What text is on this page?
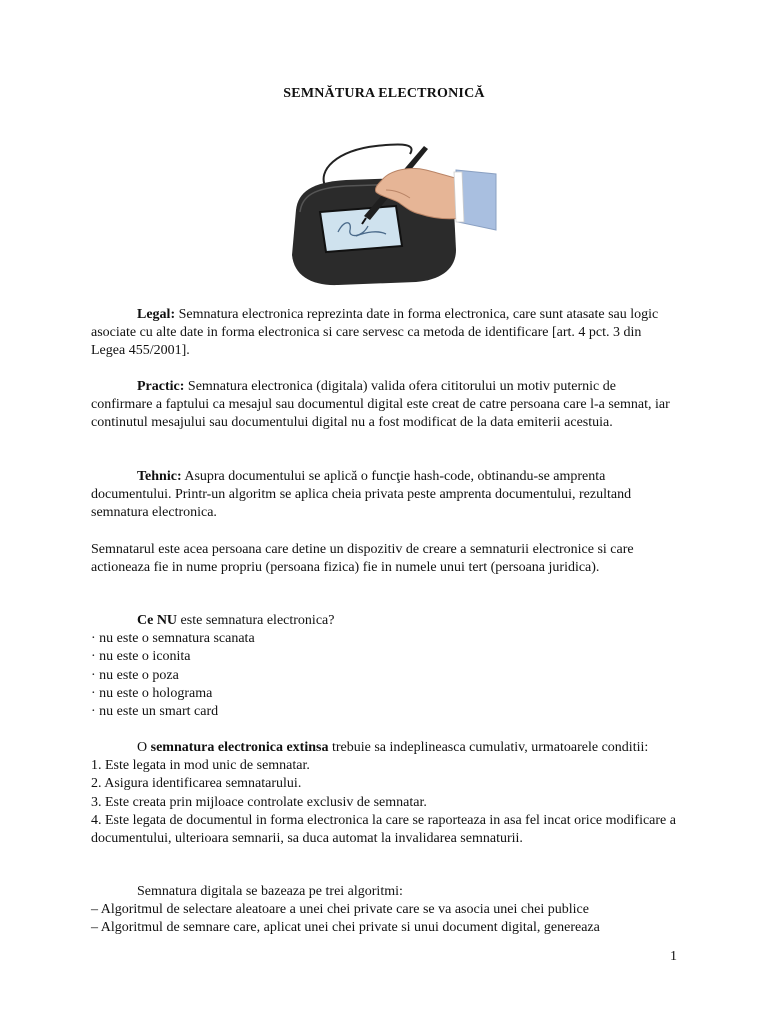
SEMNĂTURA ELECTRONICĂ

Legal: Semnatura electronica reprezinta date in forma electronica, care sunt atasate sau logic asociate cu alte date in forma electronica si care servesc ca metoda de identificare [art. 4 pct. 3 din Legea 455/2001].

Practic: Semnatura electronica (digitala) valida ofera cititorului un motiv puternic de confirmare a faptului ca mesajul sau documentul digital este creat de catre persoana care l-a semnat, iar continutul mesajului sau documentului digital nu a fost modificat de la data emiterii acestuia.

Tehnic: Asupra documentului se aplică o funcţie hash-code, obtinandu-se amprenta documentului. Printr-un algoritm se aplica cheia privata peste amprenta documentului, rezultand semnatura electronica.

Semnatarul este acea persoana care detine un dispozitiv de creare a semnaturii electronice si care actioneaza fie in nume propriu (persoana fizica) fie in numele unui tert (persoana juridica).

Ce NU este semnatura electronica?

· nu este o semnatura scanata

· nu este o iconita

· nu este o poza

· nu este o holograma

· nu este un smart card

O semnatura electronica extinsa trebuie sa indeplineasca cumulativ, urmatoarele conditii:

1. Este legata in mod unic de semnatar.

2. Asigura identificarea semnatarului.

3. Este creata prin mijloace controlate exclusiv de semnatar.

4. Este legata de documentul in forma electronica la care se raporteaza in asa fel incat orice modificare a documentului, ulterioara semnarii, sa duca automat la invalidarea semnaturii.

Semnatura digitala se bazeaza pe trei algoritmi:

– Algoritmul de selectare aleatoare a unei chei private care se va asocia unei chei publice

– Algoritmul de semnare care, aplicat unei chei private si unui document digital, genereaza

1
